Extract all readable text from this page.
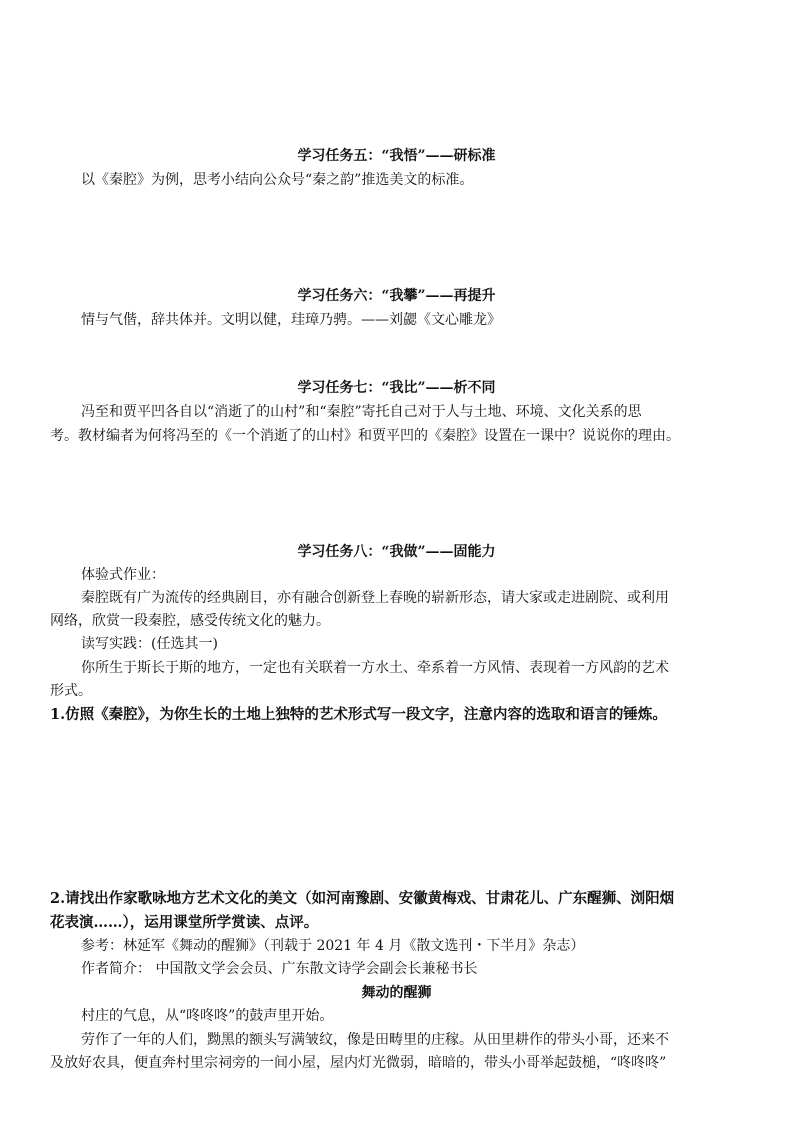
学习任务五：“我悟”——研标准
以《秦腔》为例，思考小结向公众号“秦之韵”推选美文的标准。
学习任务六：“我攀”——再提升
情与气偕，辞共体并。文明以健，珪璋乃骋。——刘勰《文心雕龙》
学习任务七：“我比”——析不同
冯至和贾平凹各自以“消逝了的山村”和“秦腔”寄托自己对于人与土地、环境、文化关系的思
考。教材编者为何将冯至的《一个消逝了的山村》和贾平凹的《秦腔》设置在一课中？说说你的理由。
学习任务八：“我做”——固能力
体验式作业：
秦腔既有广为流传的经典剧目，亦有融合创新登上春晚的崭新形态，请大家或走进剧院、或利用
网络，欣赏一段秦腔，感受传统文化的魅力。
读写实践：(任选其一)
你所生于斯长于斯的地方，一定也有关联着一方水土、牵系着一方风情、表现着一方风韵的艺术
形式。
1.仿照《秦腔》，为你生长的土地上独特的艺术形式写一段文字，注意内容的选取和语言的锤炼。
2.请找出作家歌咏地方艺术文化的美文（如河南豫剧、安徽黄梅戏、甘肃花儿、广东醒狮、浏阳烟
花表演……），运用课堂所学赏读、点评。
参考：林延军《舞动的醒狮》（刊载于 2021 年 4 月《散文选刊・下半月》杂志）
作者简介： 中国散文学会会员、广东散文诗学会副会长兼秘书长
舞动的醒狮
村庄的气息，从“咚咚咚”的鼓声里开始。
劳作了一年的人们，黝黑的额头写满皱纹，像是田畴里的庄稼。从田里耕作的带头小哥，还来不
及放好农具，便直奔村里宗祠旁的一间小屋，屋内灯光微弱，暗暗的，带头小哥举起鼓槌，“咚咚咚”
